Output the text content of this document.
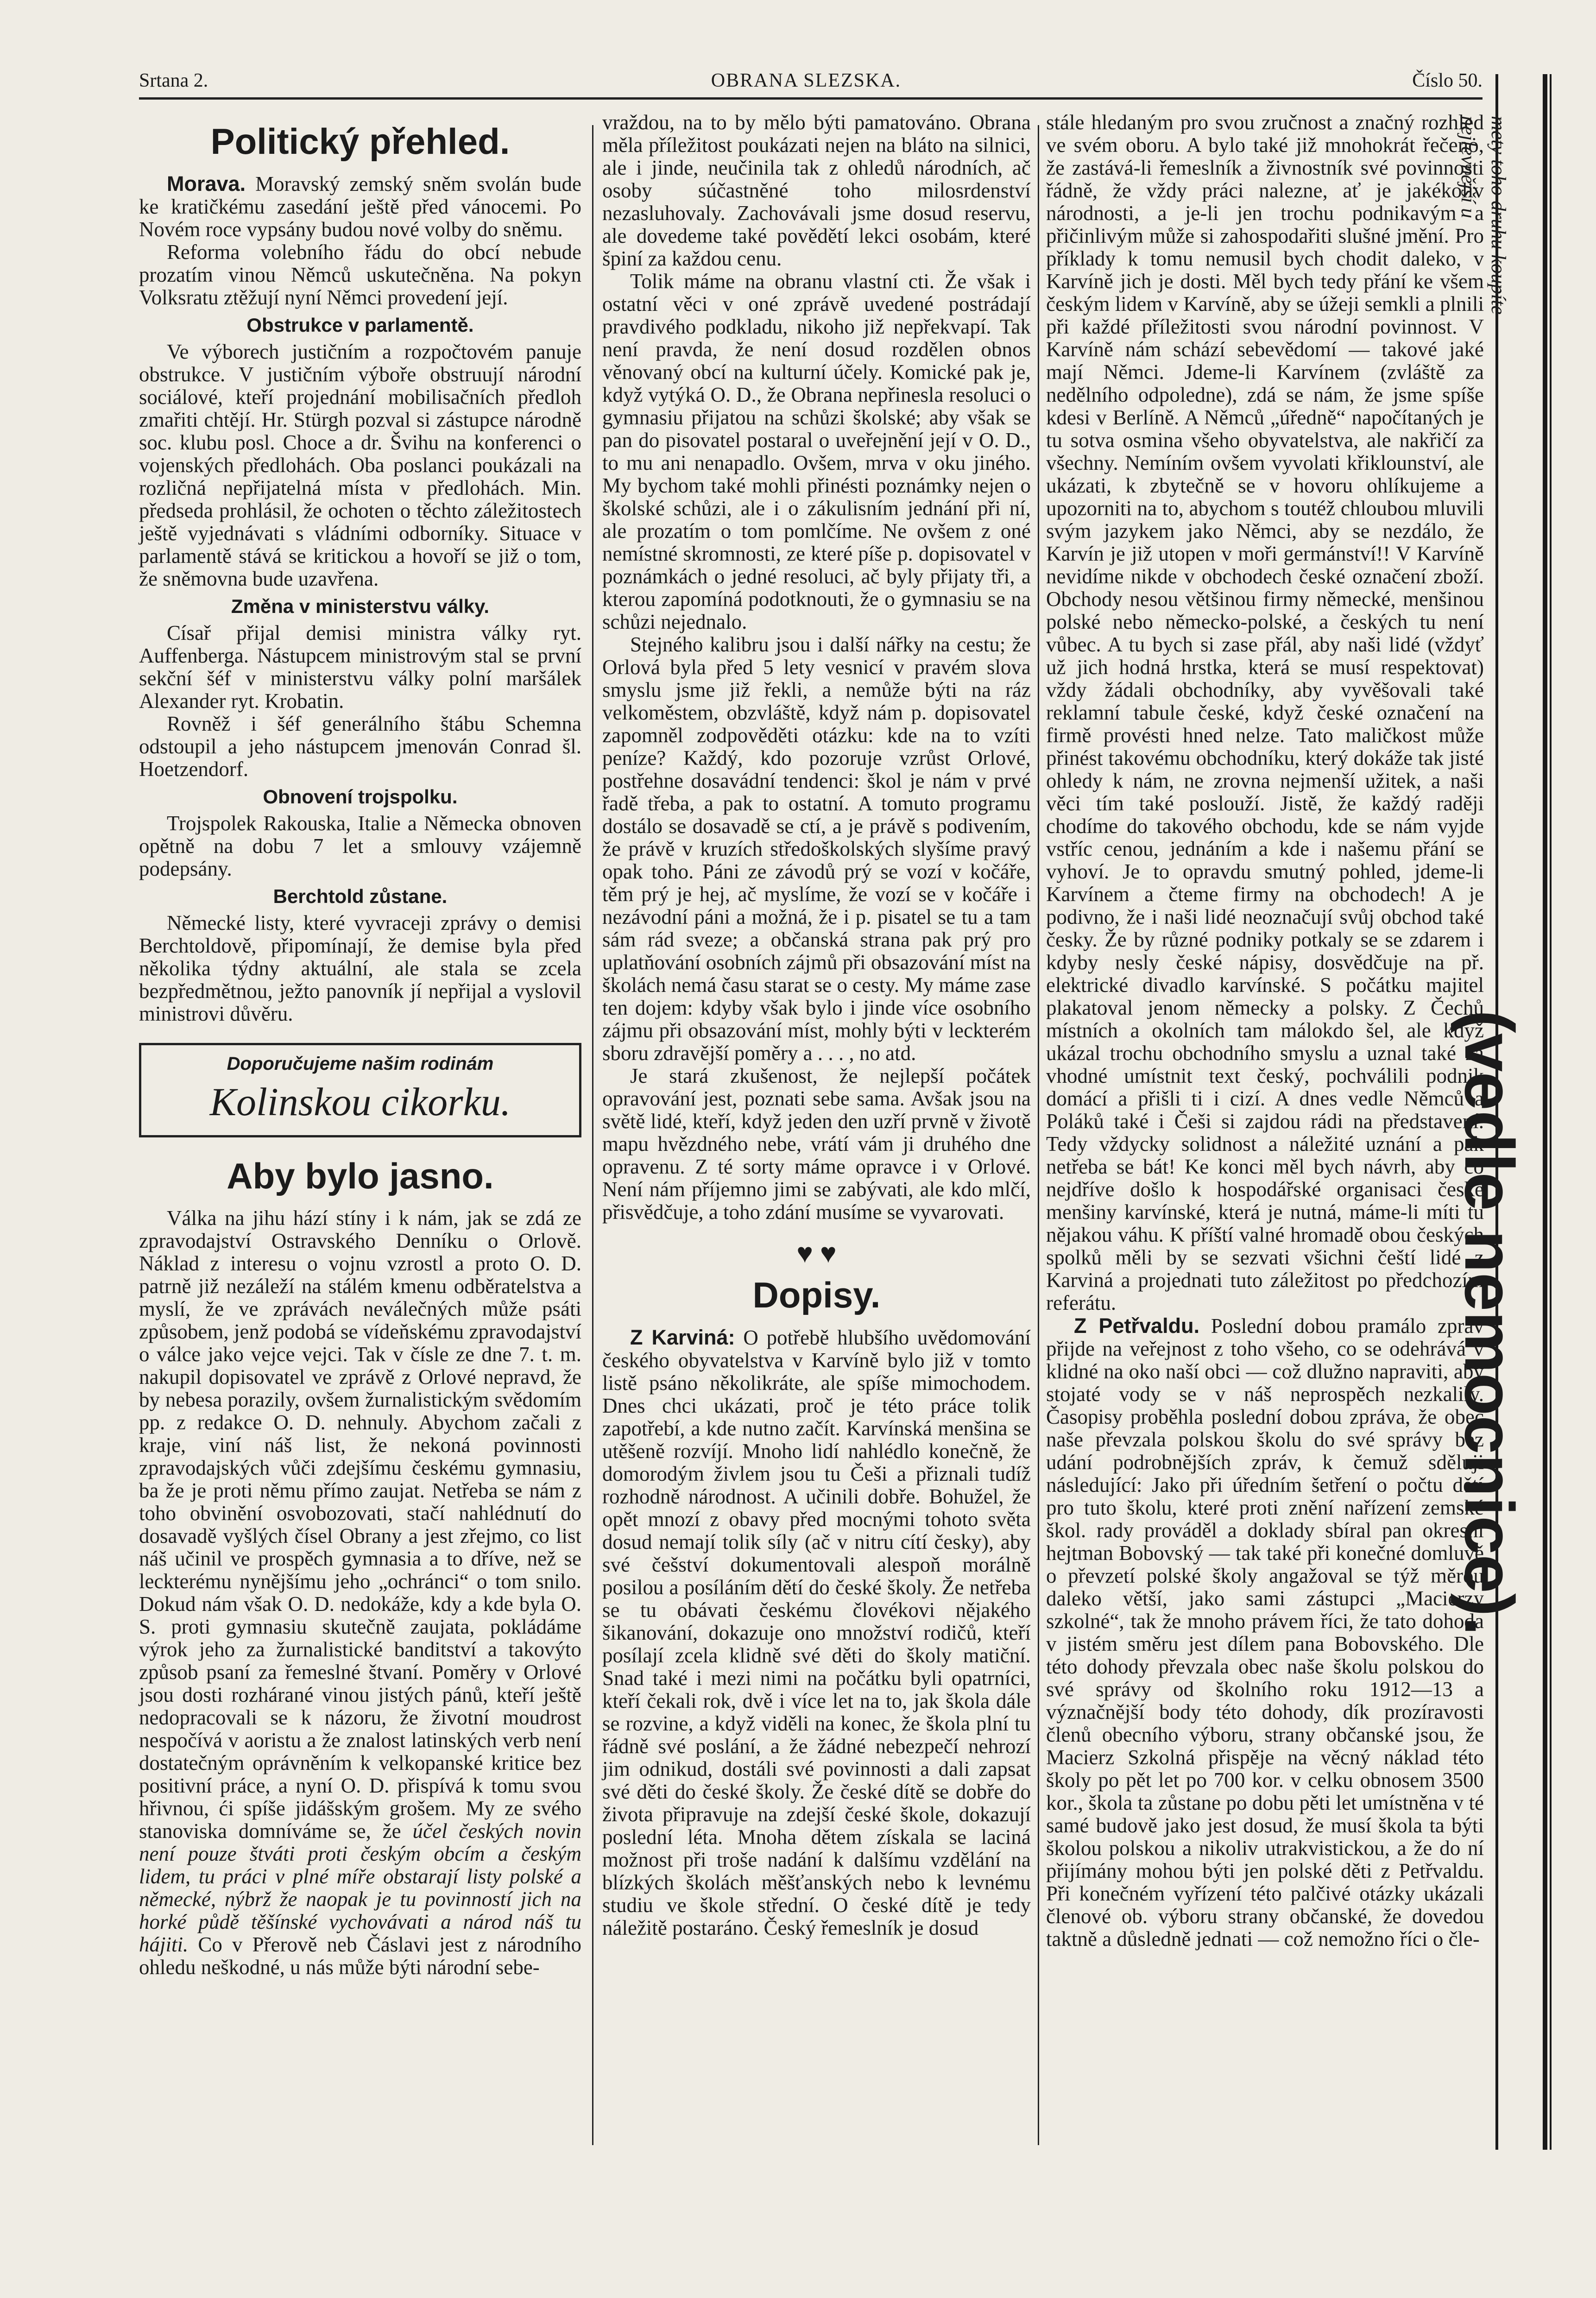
Srtana 2.	OBRANA SLEZSKA.	Číslo 50.
Politický přehled.

Morava. Moravský zemský sněm svolán bude ke kratičkému zasedání ještě před vánocemi. Po Novém roce vypsány budou nové volby do sněmu.

Reforma volebního řádu do obcí nebude prozatím vinou Němců uskutečněna. Na pokyn Volksratu ztěžují nyní Němci provedení její.

Obstrukce v parlamentě.

Ve výborech justičním a rozpočtovém panuje obstrukce. V justičním výboře obstruují národní sociálové, kteří projednání mobilisačních předloh zmařiti chtějí. Hr. Stürgh pozval si zástupce národně soc. klubu posl. Choce a dr. Švihu na konferenci o vojenských předlohách. Oba poslanci poukázali na rozličná nepřijatelná místa v předlohách. Min. předseda prohlásil, že ochoten o těchto záležitostech ještě vyjednávati s vládními odborníky. Situace v parlamentě stává se kritickou a hovoří se již o tom, že sněmovna bude uzavřena.

Změna v ministerstvu války.

Císař přijal demisi ministra války ryt. Auffenberga. Nástupcem ministrovým stal se první sekční šéf v ministerstvu války polní maršálek Alexander ryt. Krobatin.

Rovněž i šéf generálního štábu Schemna odstoupil a jeho nástupcem jmenován Conrad šl. Hoetzendorf.

Obnovení trojspolku.

Trojspolek Rakouska, Italie a Německa obnoven opětně na dobu 7 let a smlouvy vzájemně podepsány.

Berchtold zůstane.

Německé listy, které vyvraceji zprávy o demisi Berchtoldově, připomínají, že demise byla před několika týdny aktuální, ale stala se zcela bezpředmětnou, ježto panovník jí nepřijal a vyslovil ministrovi důvěru.

Doporučujeme našim rodinám
Kolinskou cikorku.
Aby bylo jasno.

Válka na jihu hází stíny i k nám, jak se zdá ze zpravodajství Ostravského Denníku o Orlově. Náklad z interesu o vojnu vzrostl a proto O. D. patrně již nezáleží na stálém kmenu odběratelstva a myslí, že ve zprávách neválečných může psáti způsobem, jenž podobá se vídeňskému zpravodajství o válce jako vejce vejci. Tak v čísle ze dne 7. t. m. nakupil dopisovatel ve zprávě z Orlové nepravd, že by nebesa porazily, ovšem žurnalistickým svědomím pp. z redakce O. D. nehnuly. Abychom začali z kraje, viní náš list, že nekoná povinnosti zpravodajských vůči zdejšímu českému gymnasiu, ba že je proti němu přímo zaujat. Netřeba se nám z toho obvinění osvobozovati, stačí nahlédnutí do dosavadě vyšlých čísel Obrany a jest zřejmo, co list náš učinil ve prospěch gymnasia a to dříve, než se leckterému nynějšímu jeho „ochránci“ o tom snilo. Dokud nám však O. D. nedokáže, kdy a kde byla O. S. proti gymnasiu skutečně zaujata, pokládáme výrok jeho za žurnalistické banditství a takovýto způsob psaní za řemeslné štvaní. Poměry v Orlové jsou dosti rozhárané vinou jistých pánů, kteří ještě nedopracovali se k názoru, že životní moudrost nespočívá v aoristu a že znalost latinských verb není dostatečným oprávněním k velkopanské kritice bez positivní práce, a nyní O. D. přispívá k tomu svou hřivnou, ći spíše jidášským grošem. My ze svého stanoviska domníváme se, že účel českých novin není pouze štváti proti českým obcím a českým lidem, tu práci v plné míře obstarají listy polské a německé, nýbrž že naopak je tu povinností jich na horké půdě těšínské vychovávati a národ náš tu hájiti. Co v Přerově neb Čáslavi jest z národního ohledu neškodné, u nás může býti národní sebe-

vraždou, na to by mělo býti pamatováno. Obrana měla příležitost poukázati nejen na bláto na silnici, ale i jinde, neučinila tak z ohledů národních, ač osoby súčastněné toho milosrdenství nezasluhovaly. Zachovávali jsme dosud reservu, ale dovedeme také povědětí lekci osobám, které špiní za každou cenu.

Tolik máme na obranu vlastní cti. Že však i ostatní věci v oné zprávě uvedené postrádají pravdivého podkladu, nikoho již nepřekvapí. Tak není pravda, že není dosud rozdělen obnos věnovaný obcí na kulturní účely. Komické pak je, když vytýká O. D., že Obrana nepřinesla resoluci o gymnasiu přijatou na schůzi školské; aby však se pan do pisovatel postaral o uveřejnění její v O. D., to mu ani nenapadlo. Ovšem, mrva v oku jiného. My bychom také mohli přinésti poznámky nejen o školské schůzi, ale i o zákulisním jednání při ní, ale prozatím o tom pomlčíme. Ne ovšem z oné nemístné skromnosti, ze které píše p. dopisovatel v poznámkách o jedné resoluci, ač byly přijaty tři, a kterou zapomíná podotknouti, že o gymnasiu se na schůzi nejednalo.

Stejného kalibru jsou i další nářky na cestu; že Orlová byla před 5 lety vesnicí v pravém slova smyslu jsme již řekli, a nemůže býti na ráz velkoměstem, obzvláště, když nám p. dopisovatel zapomněl zodpověděti otázku: kde na to vzíti peníze? Každý, kdo pozoruje vzrůst Orlové, postřehne dosavádní tendenci: škol je nám v prvé řadě třeba, a pak to ostatní. A tomuto programu dostálo se dosavadě se ctí, a je právě s podivením, že právě v kruzích středoškolských slyšíme pravý opak toho. Páni ze závodů prý se vozí v kočáře, těm prý je hej, ač myslíme, že vozí se v kočáře i nezávodní páni a možná, že i p. pisatel se tu a tam sám rád sveze; a občanská strana pak prý pro uplatňování osobních zájmů při obsazování míst na školách nemá času starat se o cesty. My máme zase ten dojem: kdyby však bylo i jinde více osobního zájmu při obsazování míst, mohly býti v leckterém sboru zdravější poměry a . . . , no atd.

Je stará zkušenost, že nejlepší počátek opravování jest, poznati sebe sama. Avšak jsou na světě lidé, kteří, když jeden den uzří prvně v životě mapu hvězdného nebe, vrátí vám ji druhého dne opravenu. Z té sorty máme opravce i v Orlové. Není nám příjemno jimi se zabývati, ale kdo mlčí, přisvědčuje, a toho zdání musíme se vyvarovati.

♥ ♥
Dopisy.

Z Karviná: O potřebě hlubšího uvědomování českého obyvatelstva v Karvíně bylo již v tomto listě psáno několikráte, ale spíše mimochodem. Dnes chci ukázati, proč je této práce tolik zapotřebí, a kde nutno začít. Karvínská menšina se utěšeně rozvíjí. Mnoho lidí nahlédlo konečně, že domorodým živlem jsou tu Češi a přiznali tudíž rozhodně národnost. A učinili dobře. Bohužel, že opět mnozí z obavy před mocnými tohoto světa dosud nemají tolik síly (ač v nitru cítí česky), aby své češství dokumentovali alespoň morálně posilou a posíláním dětí do české školy. Že netřeba se tu obávati českému človékovi nějakého šikanování, dokazuje ono množství rodičů, kteří posílají zcela klidně své děti do školy matiční. Snad také i mezi nimi na počátku byli opatrníci, kteří čekali rok, dvě i více let na to, jak škola dále se rozvine, a když viděli na konec, že škola plní tu řádně své poslání, a že žádné nebezpečí nehrozí jim odnikud, dostáli své povinnosti a dali zapsat své děti do české školy. Že české dítě se dobře do života připravuje na zdejší české škole, dokazují poslední léta. Mnoha dětem získala se laciná možnost při troše nadání k dalšímu vzdělání na blízkých školách měšťanských nebo k levnému studiu ve škole střední. O české dítě je tedy náležitě postaráno. Český řemeslník je dosud

stále hledaným pro svou zručnost a značný rozhled ve svém oboru. A bylo také již mnohokrát řečeno, že zastává-li řemeslník a živnostník své povinnosti řádně, že vždy práci nalezne, ať je jakékoliv národnosti, a je-li jen trochu podnikavým a přičinlivým může si zahospodařiti slušné jmění. Pro příklady k tomu nemusil bych chodit daleko, v Karvíně jich je dosti. Měl bych tedy přání ke všem českým lidem v Karvíně, aby se úžeji semkli a plnili při každé příležitosti svou národní povinnost. V Karvíně nám schází sebevědomí — takové jaké mají Němci. Jdeme-li Karvínem (zvláště za nedělního odpoledne), zdá se nám, že jsme spíše kdesi v Berlíně. A Němců „úředně“ napočítaných je tu sotva osmina všeho obyvatelstva, ale nakřičí za všechny. Nemíním ovšem vyvolati křiklounství, ale ukázati, k zbytečně se v hovoru ohlíkujeme a upozorniti na to, abychom s toutéž chloubou mluvili svým jazykem jako Němci, aby se nezdálo, že Karvín je již utopen v moři germánství!! V Karvíně nevidíme nikde v obchodech české označení zboží. Obchody nesou většinou firmy německé, menšinou polské nebo německo-polské, a českých tu není vůbec. A tu bych si zase přál, aby naši lidé (vždyť už jich hodná hrstka, která se musí respektovat) vždy žádali obchodníky, aby vyvěšovali také reklamní tabule české, když české označení na firmě provésti hned nelze. Tato maličkost může přinést takovému obchodníku, který dokáže tak jisté ohledy k nám, ne zrovna nejmenší užitek, a naši věci tím také poslouží. Jistě, že každý raději chodíme do takového obchodu, kde se nám vyjde vstříc cenou, jednáním a kde i našemu přání se vyhoví. Je to opravdu smutný pohled, jdeme-li Karvínem a čteme firmy na obchodech! A je podivno, že i naši lidé neoznačují svůj obchod také česky. Že by různé podniky potkaly se se zdarem i kdyby nesly české nápisy, dosvědčuje na př. elektrické divadlo karvínské. S počátku majitel plakatoval jenom německy a polsky. Z Čechů místních a okolních tam málokdo šel, ale když ukázal trochu obchodního smyslu a uznal také za vhodné umístnit text český, pochválili podnik domácí a přišli ti i cizí. A dnes vedle Němců a Poláků také i Češi si zajdou rádi na představení. Tedy vždycky solidnost a náležité uznání a pak netřeba se bát! Ke konci měl bych návrh, aby co nejdříve došlo k hospodářské organisaci české menšiny karvínské, která je nutná, máme-li míti tu nějakou váhu. K příští valné hromadě obou českých spolků měli by se sezvati všichni čeští lidé z Karviná a projednati tuto záležitost po předchozím referátu.

Z Petřvaldu. Poslední dobou pramálo zpráv přijde na veřejnost z toho všeho, co se odehrává v klidné na oko naší obci — což dlužno napraviti, aby stojaté vody se v náš neprospěch nezkalily. Časopisy proběhla poslední dobou zpráva, že obec naše převzala polskou školu do své správy bez udání podrobnějších zpráv, k čemuž sděluji následující: Jako při úředním šetření o počtu dětí pro tuto školu, které proti znění nařízení zemské škol. rady prováděl a doklady sbíral pan okresní hejtman Bobovský — tak také při konečné domluvě o převzetí polské školy angažoval se týž měrou daleko větší, jako sami zástupci „Macierzy szkolné“, tak že mnoho právem říci, že tato dohoda v jistém směru jest dílem pana Bobovského. Dle této dohody převzala obec naše školu polskou do své správy od školního roku 1912—13 a význačnější body této dohody, dík prozíravosti členů obecního výboru, strany občanské jsou, že Macierz Szkolná přispěje na věcný náklad této školy po pět let po 700 kor. v celku obnosem 3500 kor., škola ta zůstane po dobu pěti let umístněna v té samé budově jako jest dosud, že musí škola ta býti školou polskou a nikoliv utrakvistickou, a že do ní přijímány mohou býti jen polské děti z Petřvaldu. Při konečném vyřízení této palčivé otázky ukázali členové ob. výboru strany občanské, že dovedou taktně a důsledně jednati — což nemožno říci o čle-

mety toho druhu koupíte
nejlevnější u
(vedle nemocnice).
